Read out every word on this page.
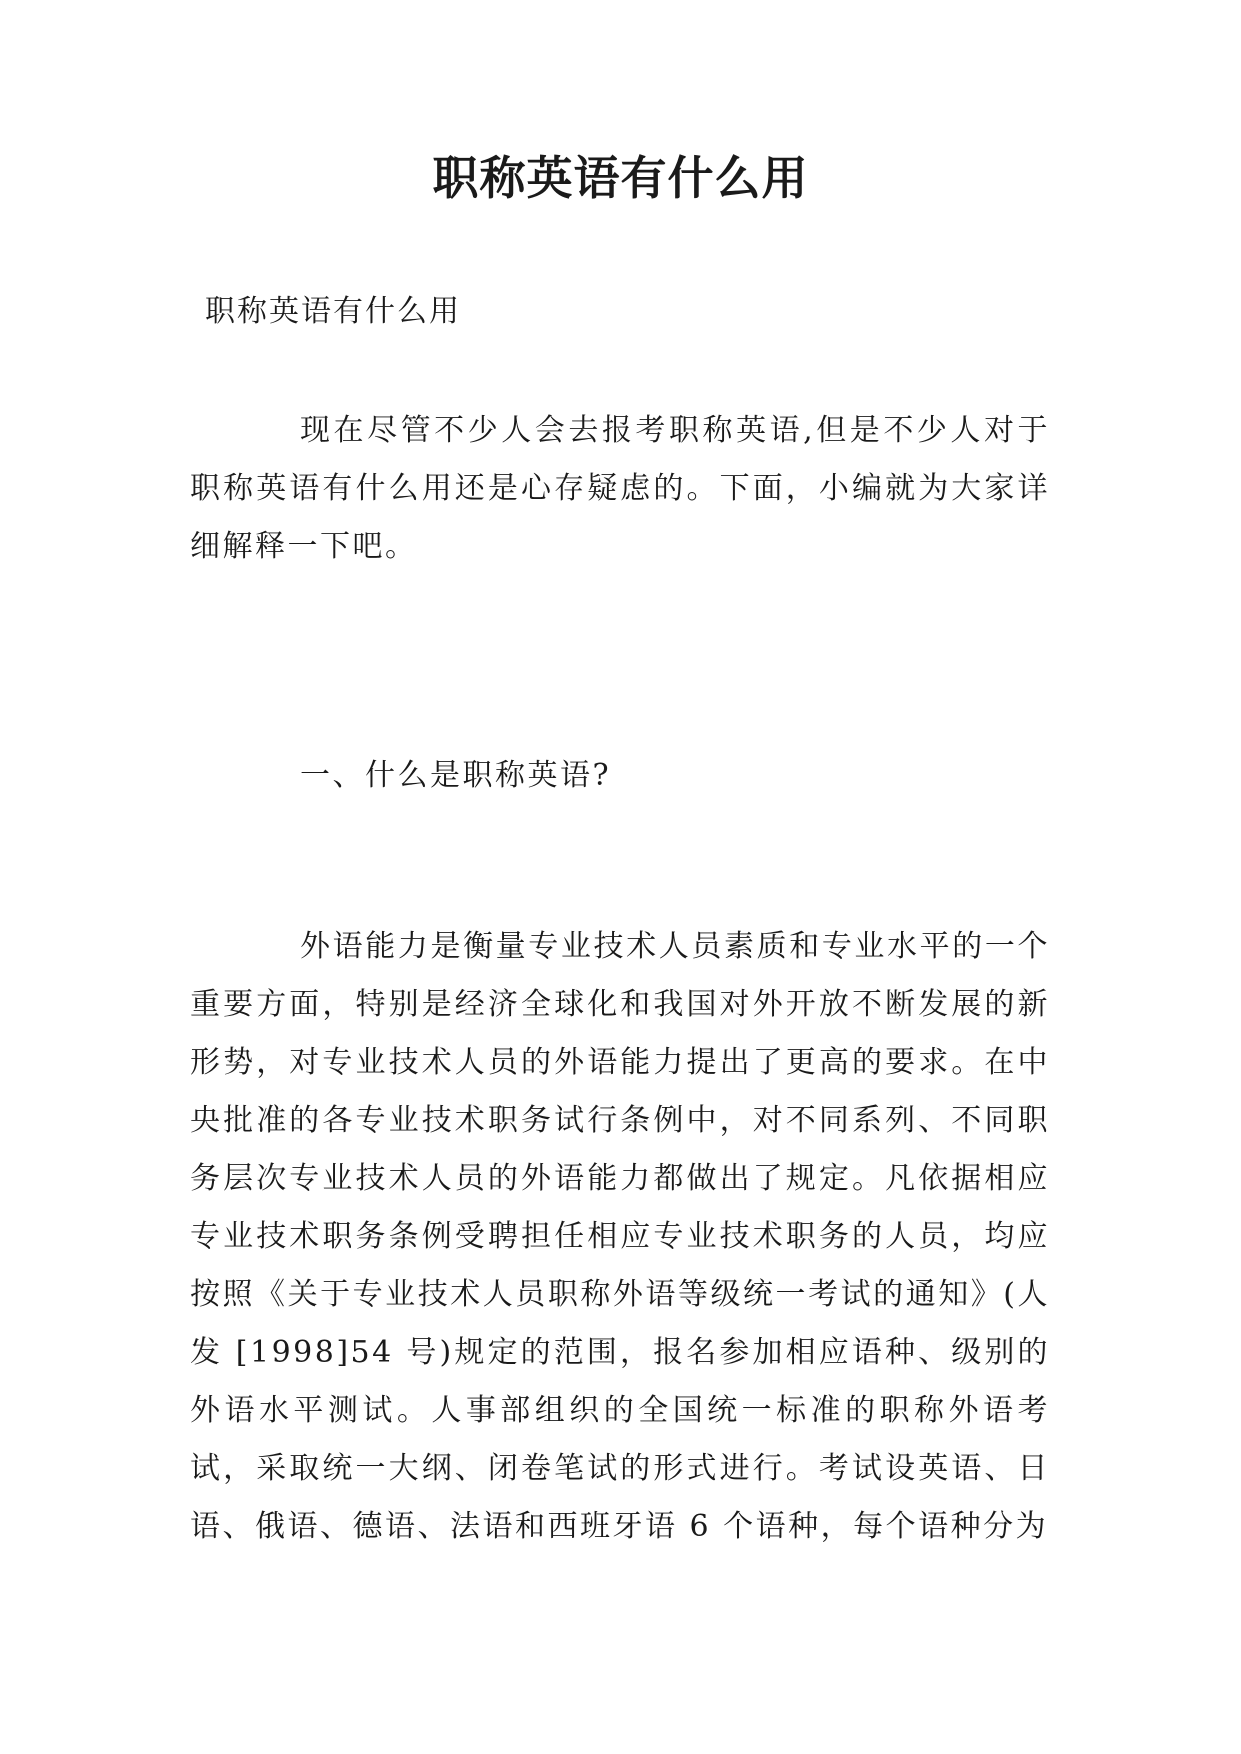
职称英语有什么用

职称英语有什么用

现在尽管不少人会去报考职称英语,但是不少人对于职称英语有什么用还是心存疑虑的。下面，小编就为大家详细解释一下吧。

一、什么是职称英语?

外语能力是衡量专业技术人员素质和专业水平的一个重要方面，特别是经济全球化和我国对外开放不断发展的新形势，对专业技术人员的外语能力提出了更高的要求。在中央批准的各专业技术职务试行条例中，对不同系列、不同职务层次专业技术人员的外语能力都做出了规定。凡依据相应专业技术职务条例受聘担任相应专业技术职务的人员，均应按照《关于专业技术人员职称外语等级统一考试的通知》(人发 [1998]54 号)规定的范围，报名参加相应语种、级别的外语水平测试。人事部组织的全国统一标准的职称外语考试，采取统一大纲、闭卷笔试的形式进行。考试设英语、日语、俄语、德语、法语和西班牙语 6 个语种，每个语种分为
